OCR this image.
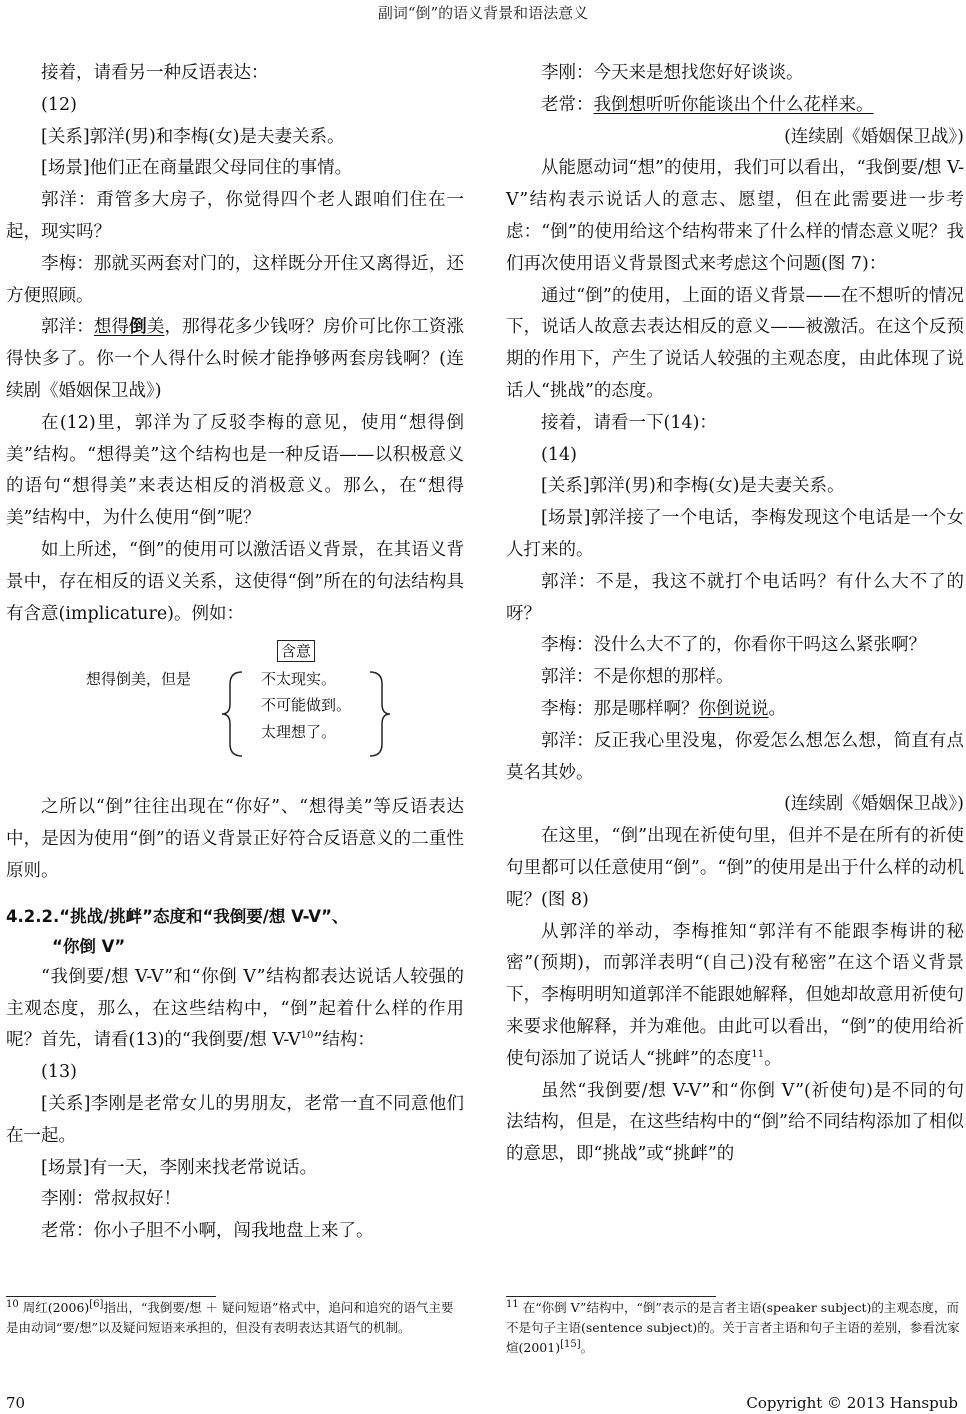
副词“倒”的语义背景和语法意义

接着，请看另一种反语表达：

(12)

[关系]郭洋(男)和李梅(女)是夫妻关系。

[场景]他们正在商量跟父母同住的事情。

郭洋：甭管多大房子，你觉得四个老人跟咱们住在一起，现实吗？

李梅：那就买两套对门的，这样既分开住又离得近，还方便照顾。

郭洋：想得倒美，那得花多少钱呀？房价可比你工资涨得快多了。你一个人得什么时候才能挣够两套房钱啊？(连续剧《婚姻保卫战》)

在(12)里，郭洋为了反驳李梅的意见，使用“想得倒美”结构。“想得美”这个结构也是一种反语——以积极意义的语句“想得美”来表达相反的消极意义。那么，在“想得美”结构中，为什么使用“倒”呢？

如上所述，“倒”的使用可以激活语义背景，在其语义背景中，存在相反的语义关系，这使得“倒”所在的句法结构具有含意(implicature)。例如：

含意
想得倒美，但是	不太现实。
不可能做到。
太理想了。

之所以“倒”往往出现在“你好”、“想得美”等反语表达中，是因为使用“倒”的语义背景正好符合反语意义的二重性原则。

4.2.2.“挑战/挑衅”态度和“我倒要/想 V-V”、

“你倒 V”

“我倒要/想 V-V”和“你倒 V”结构都表达说话人较强的主观态度，那么，在这些结构中，“倒”起着什么样的作用呢？首先，请看(13)的“我倒要/想 $V-V^{10}$”结构：

(13)

[关系]李刚是老常女儿的男朋友，老常一直不同意他们在一起。

[场景]有一天，李刚来找老常说话。

李刚：常叔叔好！

老常：你小子胆不小啊，闯我地盘上来了。

李刚：今天来是想找您好好谈谈。

老常：我倒想听听你能谈出个什么花样来。

(连续剧《婚姻保卫战》)

从能愿动词“想”的使用，我们可以看出，“我倒要/想 V-V”结构表示说话人的意志、愿望，但在此需要进一步考虑：“倒”的使用给这个结构带来了什么样的情态意义呢？我们再次使用语义背景图式来考虑这个问题(图 7)：

通过“倒”的使用，上面的语义背景——在不想听的情况下，说话人故意去表达相反的意义——被激活。在这个反预期的作用下，产生了说话人较强的主观态度，由此体现了说话人“挑战”的态度。

接着，请看一下(14)：

(14)

[关系]郭洋(男)和李梅(女)是夫妻关系。

[场景]郭洋接了一个电话，李梅发现这个电话是一个女人打来的。

郭洋：不是，我这不就打个电话吗？有什么大不了的呀？

李梅：没什么大不了的，你看你干吗这么紧张啊？

郭洋：不是你想的那样。

李梅：那是哪样啊？你倒说说。

郭洋：反正我心里没鬼，你爱怎么想怎么想，简直有点莫名其妙。

(连续剧《婚姻保卫战》)

在这里，“倒”出现在祈使句里，但并不是在所有的祈使句里都可以任意使用“倒”。“倒”的使用是出于什么样的动机呢？(图 8)

从郭洋的举动，李梅推知“郭洋有不能跟李梅讲的秘密”(预期)，而郭洋表明“(自己)没有秘密”在这个语义背景下，李梅明明知道郭洋不能跟她解释，但她却故意用祈使句来要求他解释，并为难他。由此可以看出，“倒”的使用给祈使句添加了说话人“挑衅”的态度$^{11}$。

虽然“我倒要/想 V-V”和“你倒 V”(祈使句)是不同的句法结构，但是，在这些结构中的“倒”给不同结构添加了相似的意思，即“挑战”或“挑衅”的

$^{10}$ 周红(2006)[6]指出，“我倒要/想 ＋ 疑问短语”格式中，追问和追究的语气主要是由动词“要/想”以及疑问短语来承担的，但没有表明表达其语气的机制。
$^{11}$ 在“你倒 V”结构中，“倒”表示的是言者主语(speaker subject)的主观态度，而不是句子主语(sentence subject)的。关于言者主语和句子主语的差别，参看沈家煊(2001)[15]。
70	Copyright © 2013 Hanspub
